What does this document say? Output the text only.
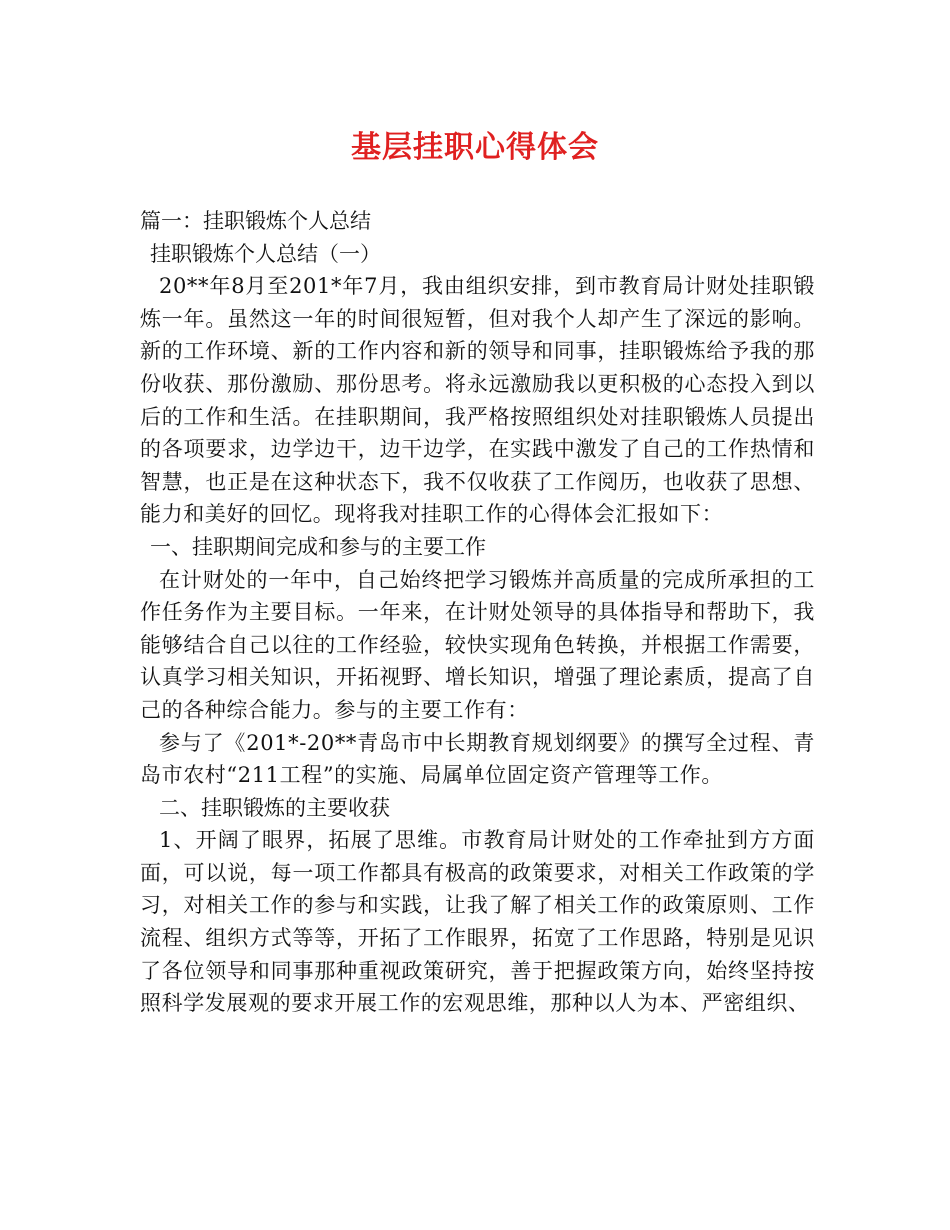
基层挂职心得体会

篇一：挂职锻炼个人总结

挂职锻炼个人总结（一）

20**年8月至201*年7月，我由组织安排，到市教育局计财处挂职锻炼一年。虽然这一年的时间很短暂，但对我个人却产生了深远的影响。新的工作环境、新的工作内容和新的领导和同事，挂职锻炼给予我的那份收获、那份激励、那份思考。将永远激励我以更积极的心态投入到以后的工作和生活。在挂职期间，我严格按照组织处对挂职锻炼人员提出的各项要求，边学边干，边干边学，在实践中激发了自己的工作热情和智慧，也正是在这种状态下，我不仅收获了工作阅历，也收获了思想、能力和美好的回忆。现将我对挂职工作的心得体会汇报如下：

一、挂职期间完成和参与的主要工作

在计财处的一年中，自己始终把学习锻炼并高质量的完成所承担的工作任务作为主要目标。一年来，在计财处领导的具体指导和帮助下，我能够结合自己以往的工作经验，较快实现角色转换，并根据工作需要，认真学习相关知识，开拓视野、增长知识，增强了理论素质，提高了自己的各种综合能力。参与的主要工作有：

参与了《201*-20**青岛市中长期教育规划纲要》的撰写全过程、青岛市农村“211工程”的实施、局属单位固定资产管理等工作。

二、挂职锻炼的主要收获

1、开阔了眼界，拓展了思维。市教育局计财处的工作牵扯到方方面面，可以说，每一项工作都具有极高的政策要求，对相关工作政策的学习，对相关工作的参与和实践，让我了解了相关工作的政策原则、工作流程、组织方式等等，开拓了工作眼界，拓宽了工作思路，特别是见识了各位领导和同事那种重视政策研究，善于把握政策方向，始终坚持按照科学发展观的要求开展工作的宏观思维，那种以人为本、严密组织、
